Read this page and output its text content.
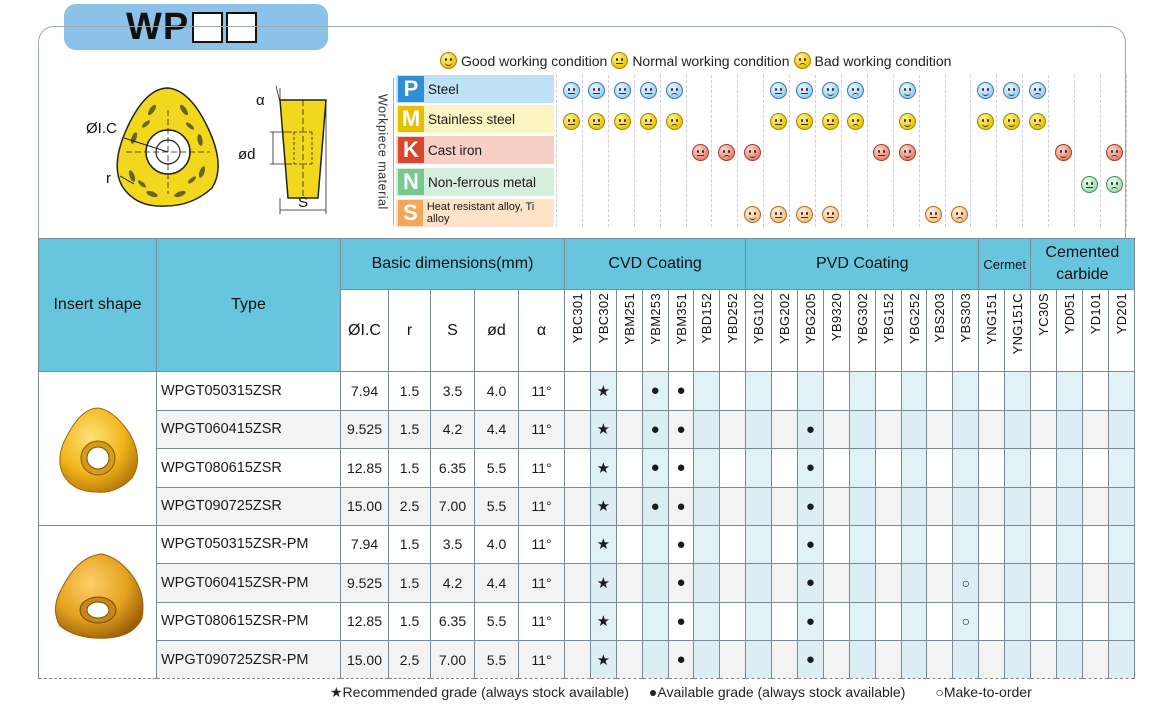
WP
ØI.C
r
α
ød
S
Good working condition Normal working condition Bad working condition
Workpiece material
P Steel
M Stainless steel
K Cast iron
N Non-ferrous metal
S Heat resistant alloy, Ti alloy
Insert shape	Type	Basic dimensions(mm)					CVD Coating							PVD Coating									Cermet		Cemented carbide			
		ØI.C	r	S	ød	α	YBC301	YBC302	YBM251	YBM253	YBM351	YBD152	YBD252	YBG102	YBG202	YBG205	YB9320	YBG302	YBG152	YBG252	YBS203	YBS303	YNG151	YNG151C	YC30S	YD051	YD101	YD201
	WPGT050315ZSR	7.94	1.5	3.5	4.0	11°		★		●	●																	
	WPGT060415ZSR	9.525	1.5	4.2	4.4	11°		★		●	●					●												
	WPGT080615ZSR	12.85	1.5	6.35	5.5	11°		★		●	●					●												
	WPGT090725ZSR	15.00	2.5	7.00	5.5	11°		★		●	●					●												
	WPGT050315ZSR-PM	7.94	1.5	3.5	4.0	11°		★			●					●												
	WPGT060415ZSR-PM	9.525	1.5	4.2	4.4	11°		★			●					●						○						
	WPGT080615ZSR-PM	12.85	1.5	6.35	5.5	11°		★			●					●						○						
	WPGT090725ZSR-PM	15.00	2.5	7.00	5.5	11°		★			●					●												
★Recommended grade (always stock available) ●Available grade (always stock available) ○Make-to-order
